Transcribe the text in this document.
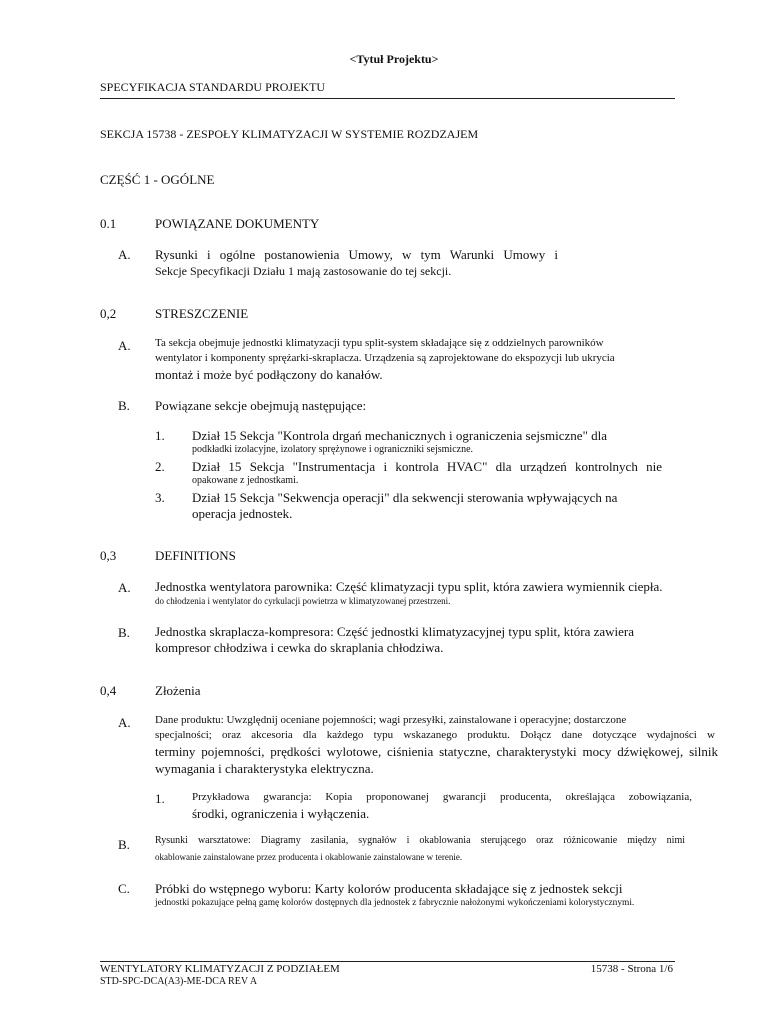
<Tytuł Projektu>
SPECYFIKACJA STANDARDU PROJEKTU
SEKCJA 15738 - ZESPOŁY KLIMATYZACJI W SYSTEMIE ROZDZAJEM
CZĘŚĆ 1 - OGÓLNE
0.1	POWIĄZANE DOKUMENTY
A. Rysunki i ogólne postanowienia Umowy, w tym Warunki Umowy i
Sekcje Specyfikacji Działu 1 mają zastosowanie do tej sekcji.
0,2	STRESZCZENIE
A. Ta sekcja obejmuje jednostki klimatyzacji typu split-system składające się z oddzielnych parowników
wentylator i komponenty sprężarki-skraplacza. Urządzenia są zaprojektowane do ekspozycji lub ukrycia
montaż i może być podłączony do kanałów.
B. Powiązane sekcje obejmują następujące:
1. Dział 15 Sekcja "Kontrola drgań mechanicznych i ograniczenia sejsmiczne" dla
podkładki izolacyjne, izolatory sprężynowe i ograniczniki sejsmiczne.
2. Dział 15 Sekcja "Instrumentacja i kontrola HVAC" dla urządzeń kontrolnych nie
opakowane z jednostkami.
3. Dział 15 Sekcja "Sekwencja operacji" dla sekwencji sterowania wpływających na
operacja jednostek.
0,3	DEFINITIONS
A. Jednostka wentylatora parownika: Część klimatyzacji typu split, która zawiera wymiennik ciepła.
do chłodzenia i wentylator do cyrkulacji powietrza w klimatyzowanej przestrzeni.
B. Jednostka skraplacza-kompresora: Część jednostki klimatyzacyjnej typu split, która zawiera
kompresor chłodziwa i cewka do skraplania chłodziwa.
0,4	Złożenia
A. Dane produktu: Uwzględnij oceniane pojemności; wagi przesyłki, zainstalowane i operacyjne; dostarczone
specjalności; oraz akcesoria dla każdego typu wskazanego produktu. Dołącz dane dotyczące wydajności w
terminy pojemności, prędkości wylotowe, ciśnienia statyczne, charakterystyki mocy dźwiękowej, silnik
wymagania i charakterystyka elektryczna.
1. Przykładowa gwarancja: Kopia proponowanej gwarancji producenta, określająca zobowiązania,
środki, ograniczenia i wyłączenia.
B.	Rysunki warsztatowe: Diagramy zasilania, sygnałów i okablowania sterującego oraz różnicowanie między nimi
okablowanie zainstalowane przez producenta i okablowanie zainstalowane w terenie.
C. Próbki do wstępnego wyboru: Karty kolorów producenta składające się z jednostek sekcji
jednostki pokazujące pełną gamę kolorów dostępnych dla jednostek z fabrycznie nałożonymi wykończeniami kolorystycznymi.
WENTYLATORY KLIMATYZACJI Z PODZIAŁEM	15738 - Strona 1/6
STD-SPC-DCA(A3)-ME-DCA REV A
